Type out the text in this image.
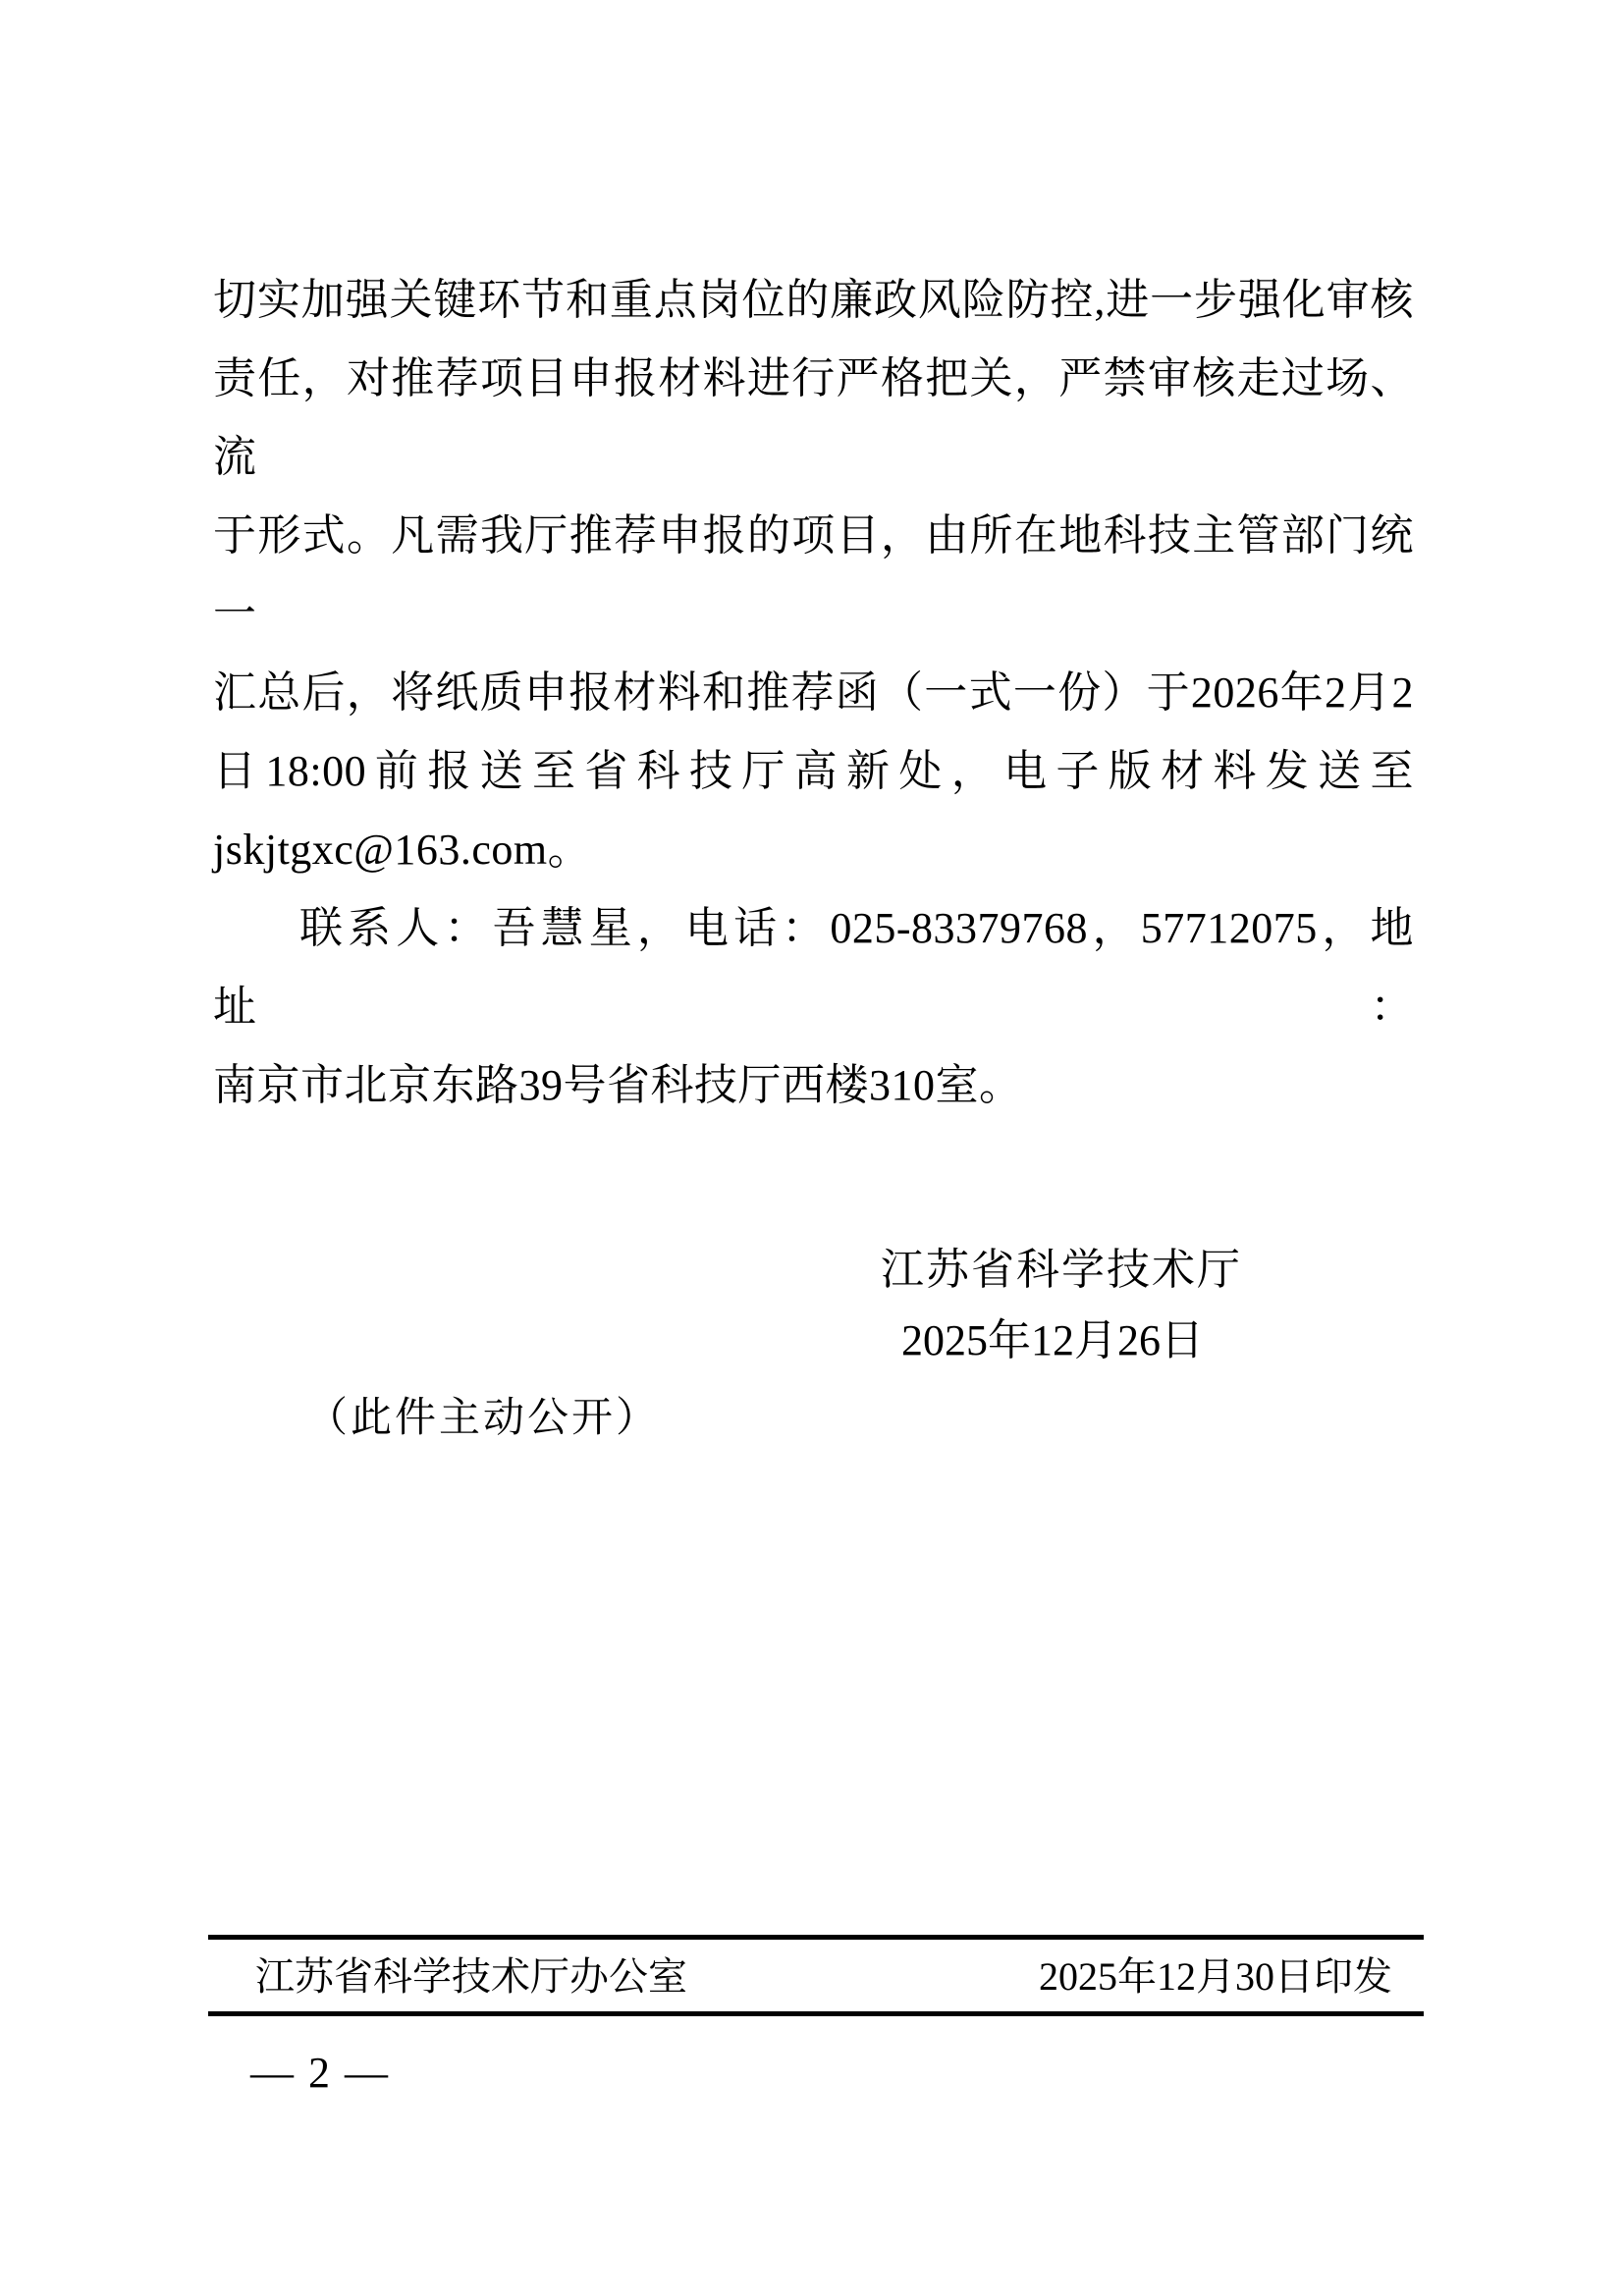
切实加强关键环节和重点岗位的廉政风险防控,进一步强化审核
责任，对推荐项目申报材料进行严格把关，严禁审核走过场、流
于形式。凡需我厅推荐申报的项目，由所在地科技主管部门统一
汇总后，将纸质申报材料和推荐函（一式一份）于2026年2月2
日18:00前报送至省科技厅高新处，电子版材料发送至
jskjtgxc@163.com。
联系人：吾慧星，电话：025-83379768，57712075，地址：
南京市北京东路39号省科技厅西楼310室。
江苏省科学技术厅
2025年12月26日
（此件主动公开）
江苏省科学技术厅办公室	2025年12月30日印发
— 2 —
